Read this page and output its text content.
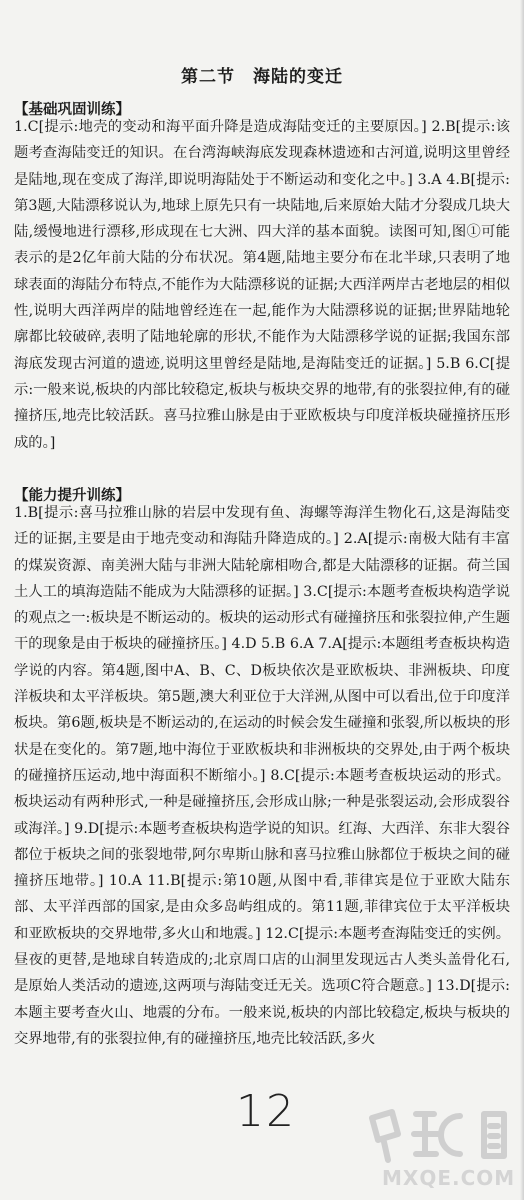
第二节　海陆的变迁
【基础巩固训练】
1.C[提示:地壳的变动和海平面升降是造成海陆变迁的主要原因。] 2.B[提示:该题考查海陆变迁的知识。在台湾海峡海底发现森林遗迹和古河道,说明这里曾经是陆地,现在变成了海洋,即说明海陆处于不断运动和变化之中。] 3.A 4.B[提示:第3题,大陆漂移说认为,地球上原先只有一块陆地,后来原始大陆才分裂成几块大陆,缓慢地进行漂移,形成现在七大洲、四大洋的基本面貌。读图可知,图①可能表示的是2亿年前大陆的分布状况。第4题,陆地主要分布在北半球,只表明了地球表面的海陆分布特点,不能作为大陆漂移说的证据;大西洋两岸古老地层的相似性,说明大西洋两岸的陆地曾经连在一起,能作为大陆漂移说的证据;世界陆地轮廓都比较破碎,表明了陆地轮廓的形状,不能作为大陆漂移学说的证据;我国东部海底发现古河道的遗迹,说明这里曾经是陆地,是海陆变迁的证据。] 5.B 6.C[提示:一般来说,板块的内部比较稳定,板块与板块交界的地带,有的张裂拉伸,有的碰撞挤压,地壳比较活跃。喜马拉雅山脉是由于亚欧板块与印度洋板块碰撞挤压形成的。]
【能力提升训练】
1.B[提示:喜马拉雅山脉的岩层中发现有鱼、海螺等海洋生物化石,这是海陆变迁的证据,主要是由于地壳变动和海陆升降造成的。] 2.A[提示:南极大陆有丰富的煤炭资源、南美洲大陆与非洲大陆轮廓相吻合,都是大陆漂移的证据。荷兰国土人工的填海造陆不能成为大陆漂移的证据。] 3.C[提示:本题考查板块构造学说的观点之一:板块是不断运动的。板块的运动形式有碰撞挤压和张裂拉伸,产生题干的现象是由于板块的碰撞挤压。] 4.D 5.B 6.A 7.A[提示:本题组考查板块构造学说的内容。第4题,图中A、B、C、D板块依次是亚欧板块、非洲板块、印度洋板块和太平洋板块。第5题,澳大利亚位于大洋洲,从图中可以看出,位于印度洋板块。第6题,板块是不断运动的,在运动的时候会发生碰撞和张裂,所以板块的形状是在变化的。第7题,地中海位于亚欧板块和非洲板块的交界处,由于两个板块的碰撞挤压运动,地中海面积不断缩小。] 8.C[提示:本题考查板块运动的形式。板块运动有两种形式,一种是碰撞挤压,会形成山脉;一种是张裂运动,会形成裂谷或海洋。] 9.D[提示:本题考查板块构造学说的知识。红海、大西洋、东非大裂谷都位于板块之间的张裂地带,阿尔卑斯山脉和喜马拉雅山脉都位于板块之间的碰撞挤压地带。] 10.A 11.B[提示:第10题,从图中看,菲律宾是位于亚欧大陆东部、太平洋西部的国家,是由众多岛屿组成的。第11题,菲律宾位于太平洋板块和亚欧板块的交界地带,多火山和地震。] 12.C[提示:本题考查海陆变迁的实例。昼夜的更替,是地球自转造成的;北京周口店的山洞里发现远古人类头盖骨化石,是原始人类活动的遗迹,这两项与海陆变迁无关。选项C符合题意。] 13.D[提示:本题主要考查火山、地震的分布。一般来说,板块的内部比较稳定,板块与板块的交界地带,有的张裂拉伸,有的碰撞挤压,地壳比较活跃,多火
12
MXQE.COM
